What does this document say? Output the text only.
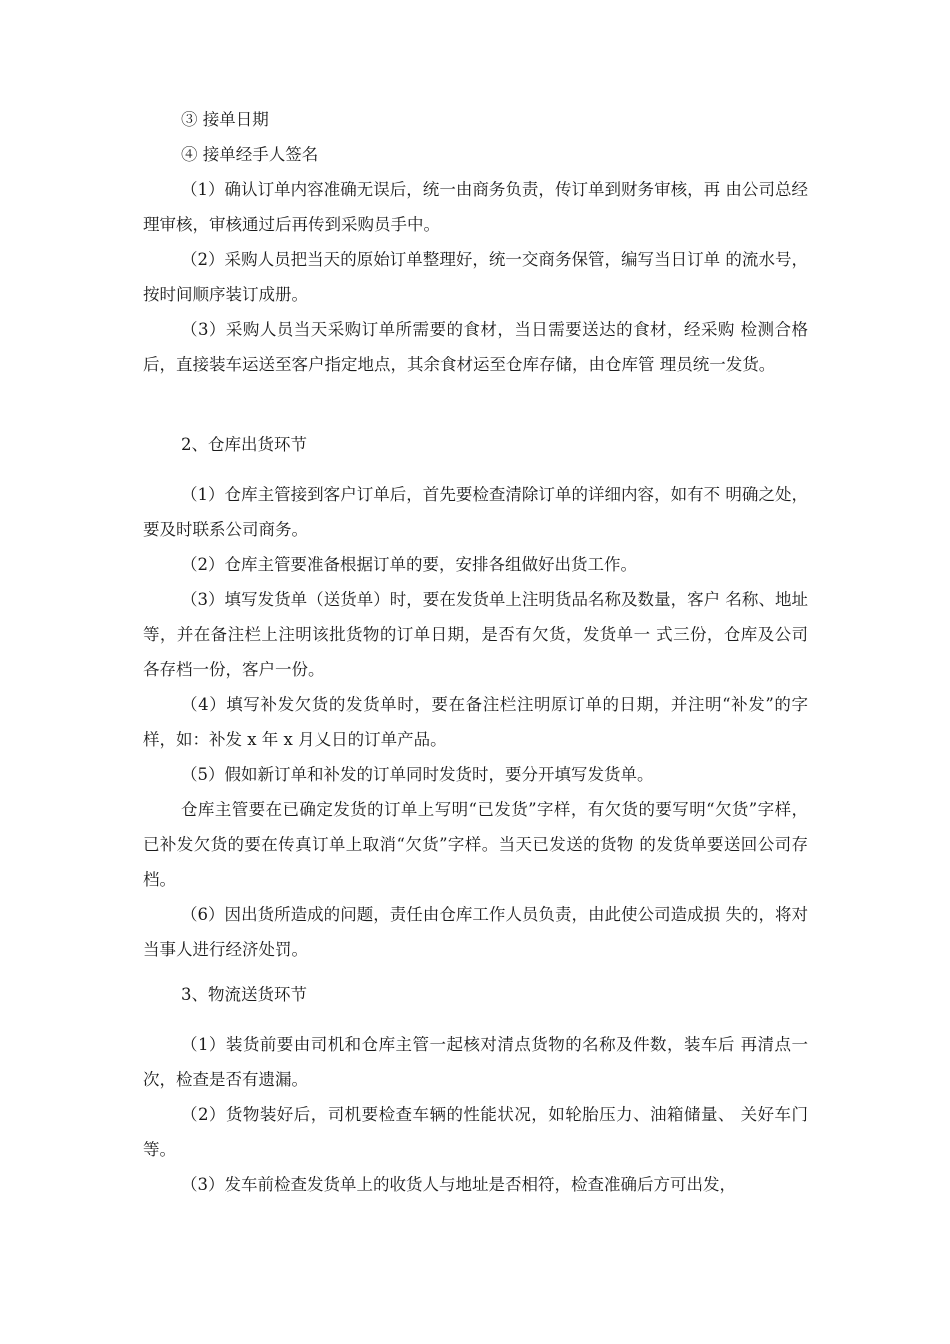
③ 接单日期

④ 接单经手人签名

（1）确认订单内容准确无误后，统一由商务负责，传订单到财务审核，再 由公司总经理审核，审核通过后再传到采购员手中。

（2）采购人员把当天的原始订单整理好，统一交商务保管，编写当日订单 的流水号，按时间顺序装订成册。

（3）采购人员当天采购订单所需要的食材，当日需要送达的食材，经采购 检测合格后，直接装车运送至客户指定地点，其余食材运至仓库存储，由仓库管 理员统一发货。

2、仓库出货环节

（1）仓库主管接到客户订单后，首先要检查清除订单的详细内容，如有不 明确之处，要及时联系公司商务。

（2）仓库主管要准备根据订单的要，安排各组做好出货工作。

（3）填写发货单（送货单）时，要在发货单上注明货品名称及数量，客户 名称、地址等，并在备注栏上注明该批货物的订单日期，是否有欠货，发货单一 式三份，仓库及公司各存档一份，客户一份。

（4）填写补发欠货的发货单时，要在备注栏注明原订单的日期，并注明“补发”的字样，如：补发 x 年 x 月乂日的订单产品。

（5）假如新订单和补发的订单同时发货时，要分开填写发货单。

仓库主管要在已确定发货的订单上写明“已发货”字样，有欠货的要写明“欠货”字样，已补发欠货的要在传真订单上取消“欠货”字样。当天已发送的货物 的发货单要送回公司存档。

（6）因出货所造成的问题，责任由仓库工作人员负责，由此使公司造成损 失的，将对当事人进行经济处罚。

3、物流送货环节

（1）装货前要由司机和仓库主管一起核对清点货物的名称及件数，装车后 再清点一次，检查是否有遗漏。

（2）货物装好后，司机要检查车辆的性能状况，如轮胎压力、油箱储量、 关好车门等。

（3）发车前检查发货单上的收货人与地址是否相符，检查准确后方可出发，
